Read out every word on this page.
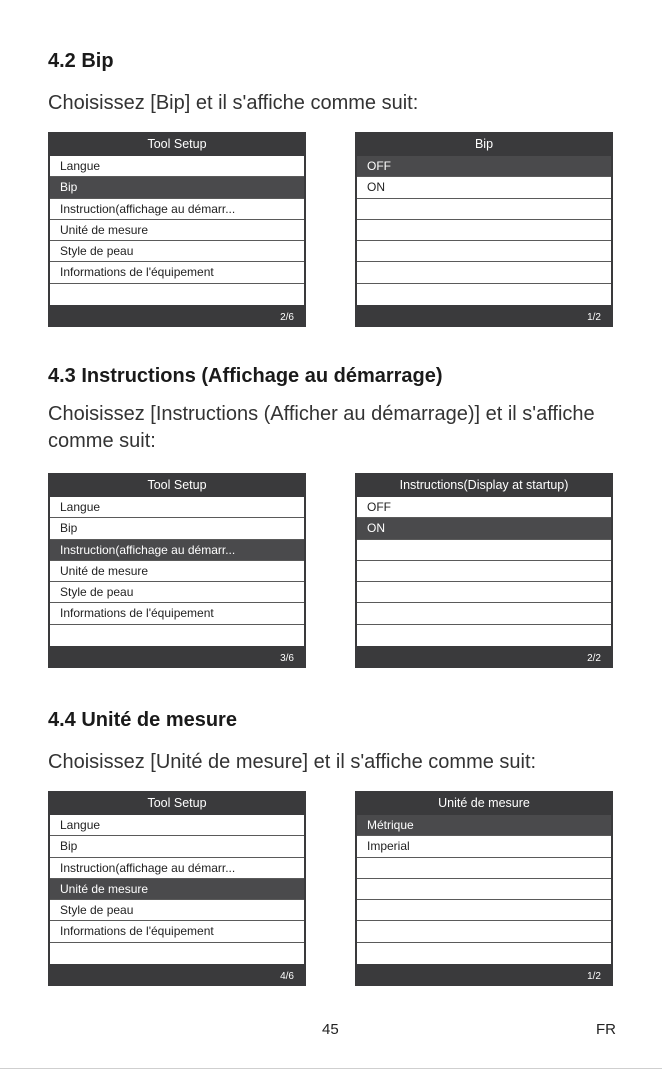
4.2 Bip
Choisissez [Bip] et il s'affiche comme suit:
Tool Setup
Langue
Bip
Instruction(affichage au démarr...
Unité de mesure
Style de peau
Informations de l'équipement
2/6
Bip
OFF
ON
1/2
4.3 Instructions (Affichage au démarrage)
Choisissez [Instructions (Afficher au démarrage)] et il s'affiche comme suit:
Tool Setup
Langue
Bip
Instruction(affichage au démarr...
Unité de mesure
Style de peau
Informations de l'équipement
3/6
Instructions(Display at startup)
OFF
ON
2/2
4.4 Unité de mesure
Choisissez [Unité de mesure] et il s'affiche comme suit:
Tool Setup
Langue
Bip
Instruction(affichage au démarr...
Unité de mesure
Style de peau
Informations de l'équipement
4/6
Unité de mesure
Métrique
Imperial
1/2
45	FR
